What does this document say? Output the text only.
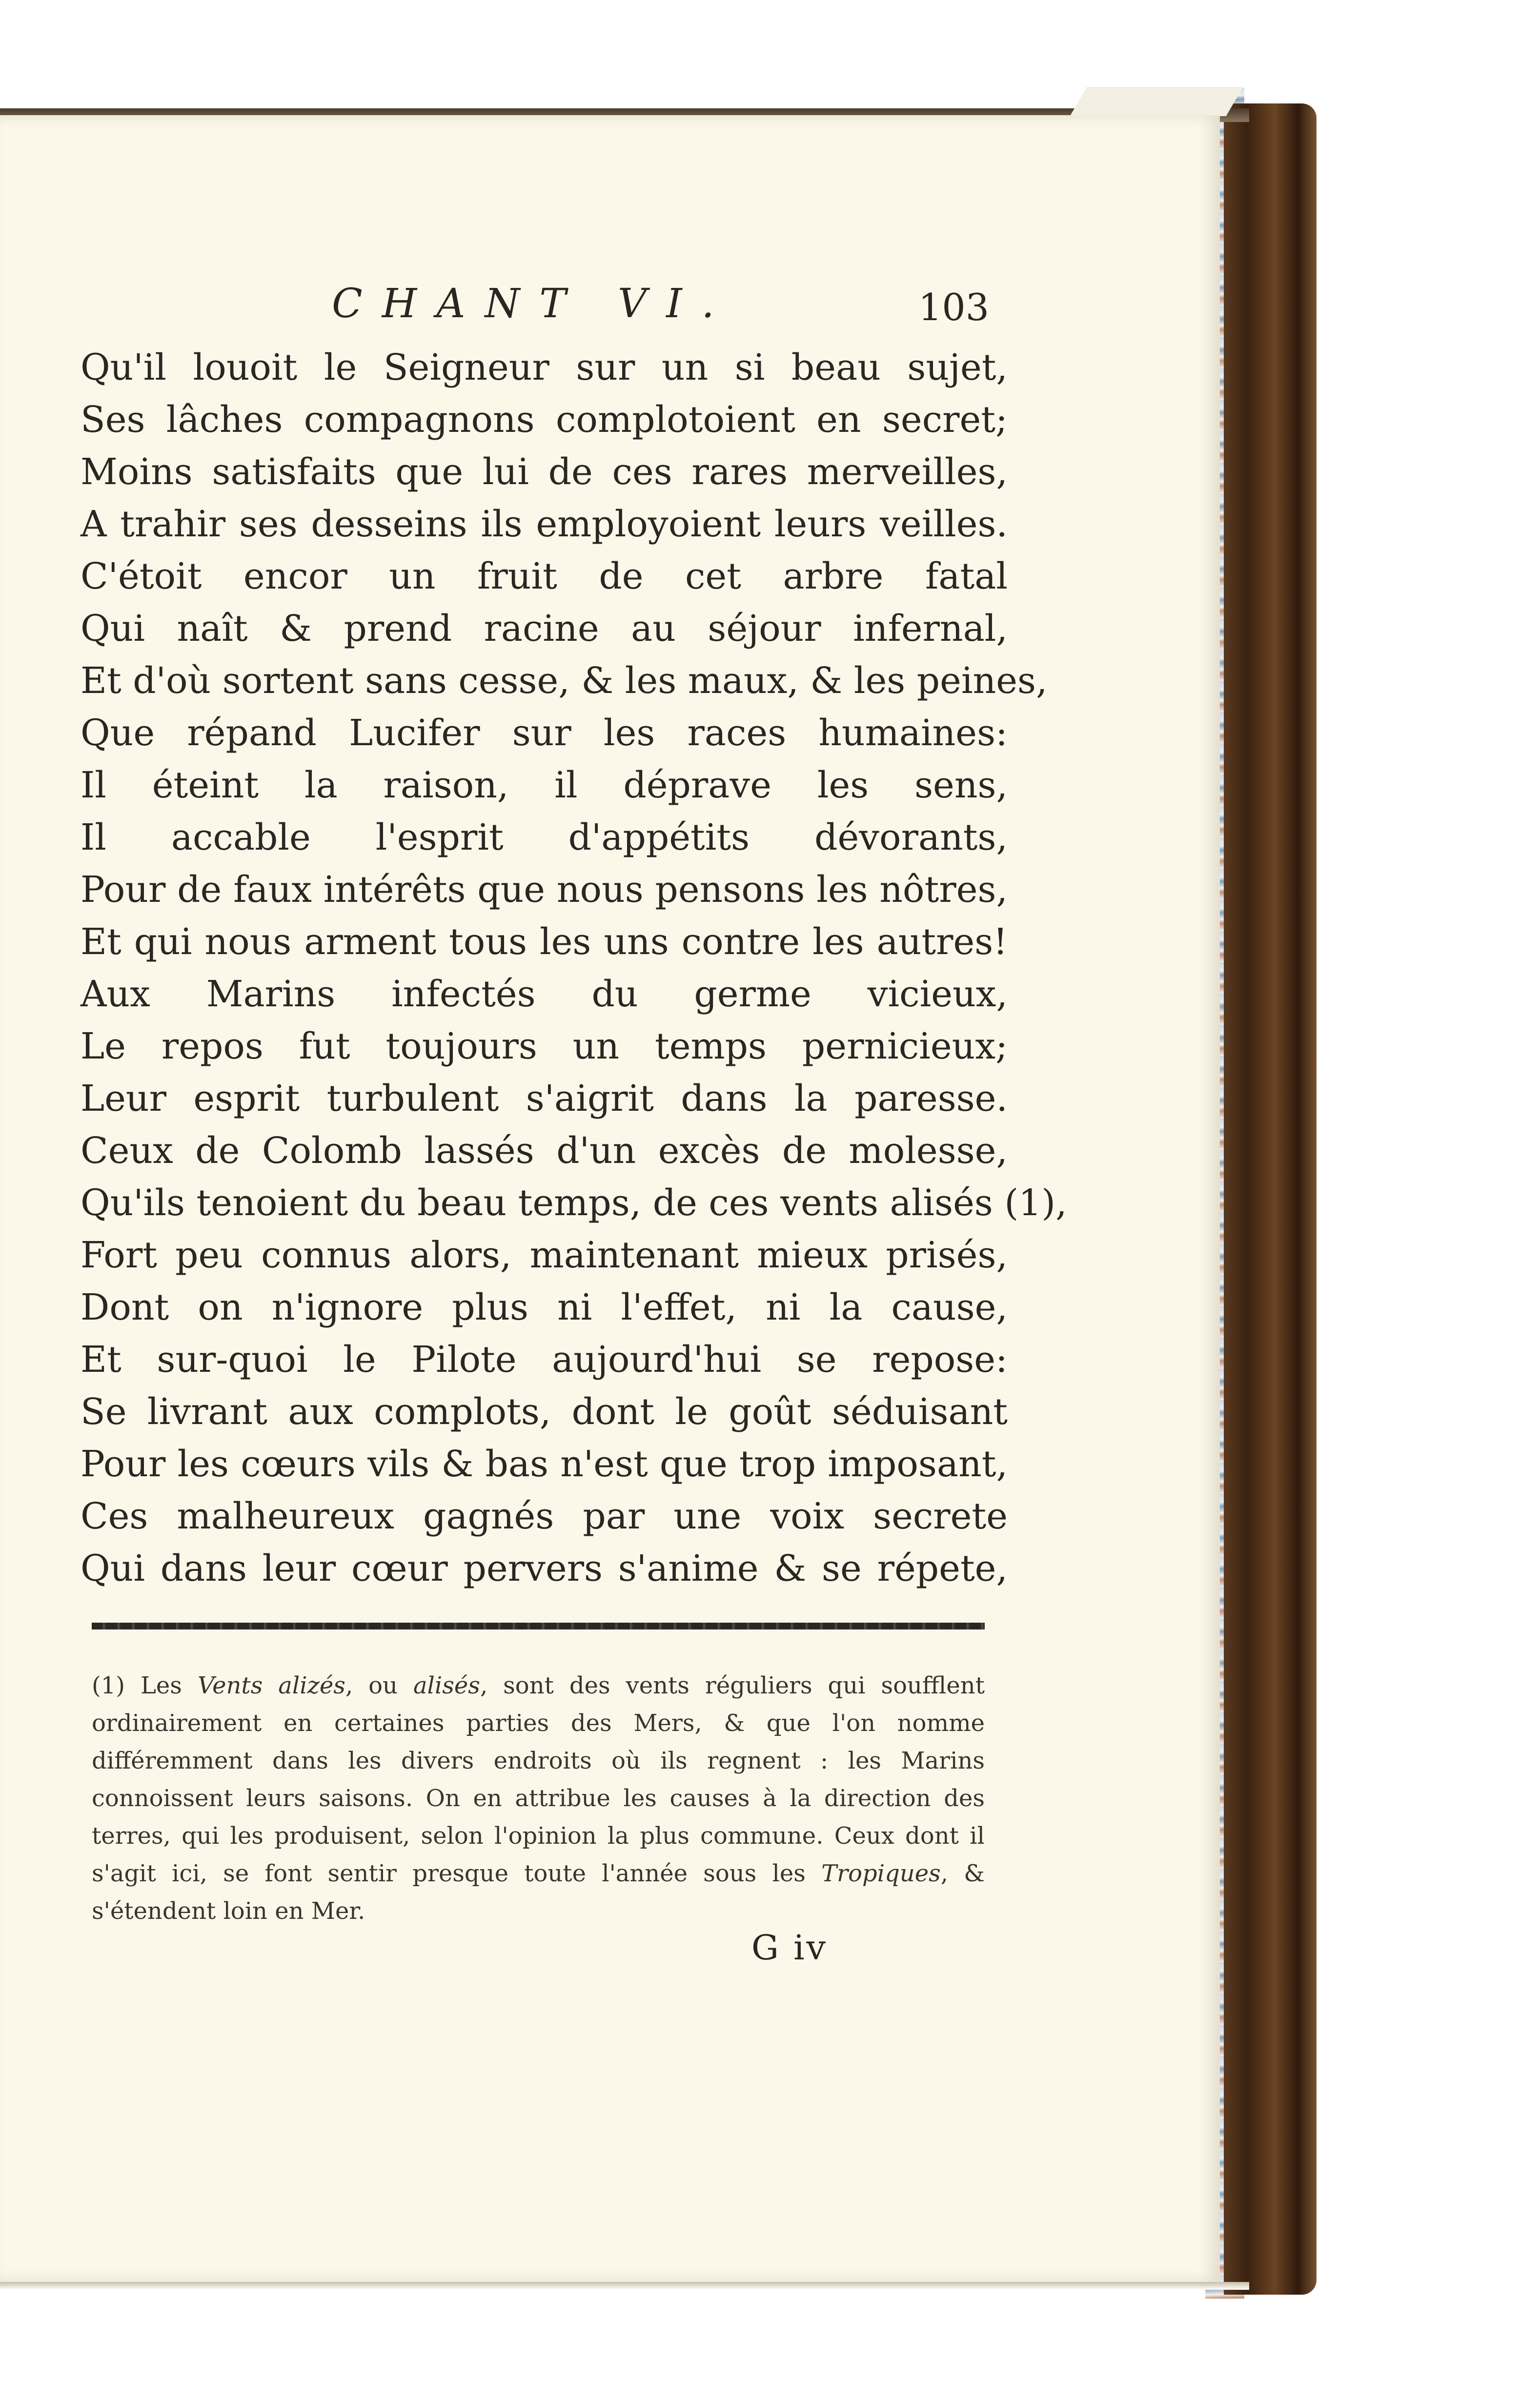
CHANT VI.	103
Qu'il louoit le Seigneur sur un si beau sujet,
Ses lâches compagnons complotoient en secret;
Moins satisfaits que lui de ces rares merveilles,
A trahir ses desseins ils employoient leurs veilles.
C'étoit encor un fruit de cet arbre fatal
Qui naît & prend racine au séjour infernal,
Et d'où sortent sans cesse, & les maux, & les peines,
Que répand Lucifer sur les races humaines:
Il éteint la raison, il déprave les sens,
Il accable l'esprit d'appétits dévorants,
Pour de faux intérêts que nous pensons les nôtres,
Et qui nous arment tous les uns contre les autres!
Aux Marins infectés du germe vicieux,
Le repos fut toujours un temps pernicieux;
Leur esprit turbulent s'aigrit dans la paresse.
Ceux de Colomb lassés d'un excès de molesse,
Qu'ils tenoient du beau temps, de ces vents alisés (1),
Fort peu connus alors, maintenant mieux prisés,
Dont on n'ignore plus ni l'effet, ni la cause,
Et sur-quoi le Pilote aujourd'hui se repose:
Se livrant aux complots, dont le goût séduisant
Pour les cœurs vils & bas n'est que trop imposant,
Ces malheureux gagnés par une voix secrete
Qui dans leur cœur pervers s'anime & se répete,

(1) Les Vents alizés, ou alisés, sont des vents réguliers qui soufflent ordinairement en certaines parties des Mers, & que l'on nomme différemment dans les divers endroits où ils regnent : les Marins connoissent leurs saisons. On en attribue les causes à la direction des terres, qui les produisent, selon l'opinion la plus commune. Ceux dont il s'agit ici, se font sentir presque toute l'année sous les Tropiques, & s'étendent loin en Mer.

G iv
